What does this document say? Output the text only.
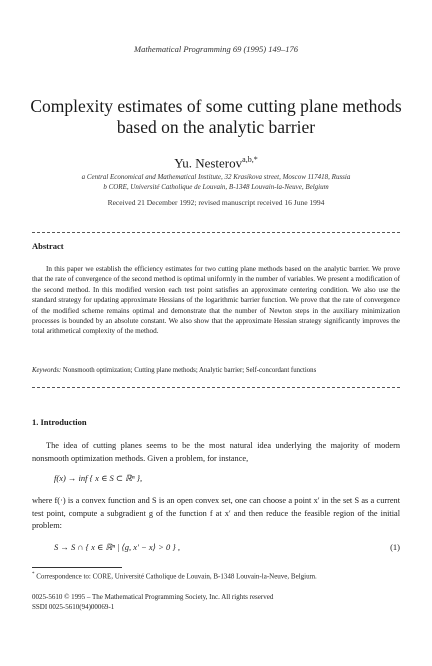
Mathematical Programming 69 (1995) 149–176
Complexity estimates of some cutting plane methods based on the analytic barrier
Yu. Nesterov$^{a,b,*}$
a Central Economical and Mathematical Institute, 32 Krasikova street, Moscow 117418, Russia
b CORE, Université Catholique de Louvain, B-1348 Louvain-la-Neuve, Belgium
Received 21 December 1992; revised manuscript received 16 June 1994
Abstract

In this paper we establish the efficiency estimates for two cutting plane methods based on the analytic barrier. We prove that the rate of convergence of the second method is optimal uniformly in the number of variables. We present a modification of the second method. In this modified version each test point satisfies an approximate centering condition. We also use the standard strategy for updating approximate Hessians of the logarithmic barrier function. We prove that the rate of convergence of the modified scheme remains optimal and demonstrate that the number of Newton steps in the auxiliary minimization processes is bounded by an absolute constant. We also show that the approximate Hessian strategy significantly improves the total arithmetical complexity of the method.

Keywords: Nonsmooth optimization; Cutting plane methods; Analytic barrier; Self-concordant functions

1. Introduction

The idea of cutting planes seems to be the most natural idea underlying the majority of modern nonsmooth optimization methods. Given a problem, for instance,

f(x) → inf { x ∈ S ⊂ ℝⁿ },

where f(·) is a convex function and S is an open convex set, one can choose a point x′ in the set S as a current test point, compute a subgradient g of the function f at x′ and then reduce the feasible region of the initial problem:

S → S ∩ { x ∈ ℝⁿ | ⟨g, x′ − x⟩ > 0 } ,	(1)
* Correspondence to: CORE, Université Catholique de Louvain, B-1348 Louvain-la-Neuve, Belgium.
0025-5610 © 1995 – The Mathematical Programming Society, Inc. All rights reserved
SSDI 0025-5610(94)00069-1
